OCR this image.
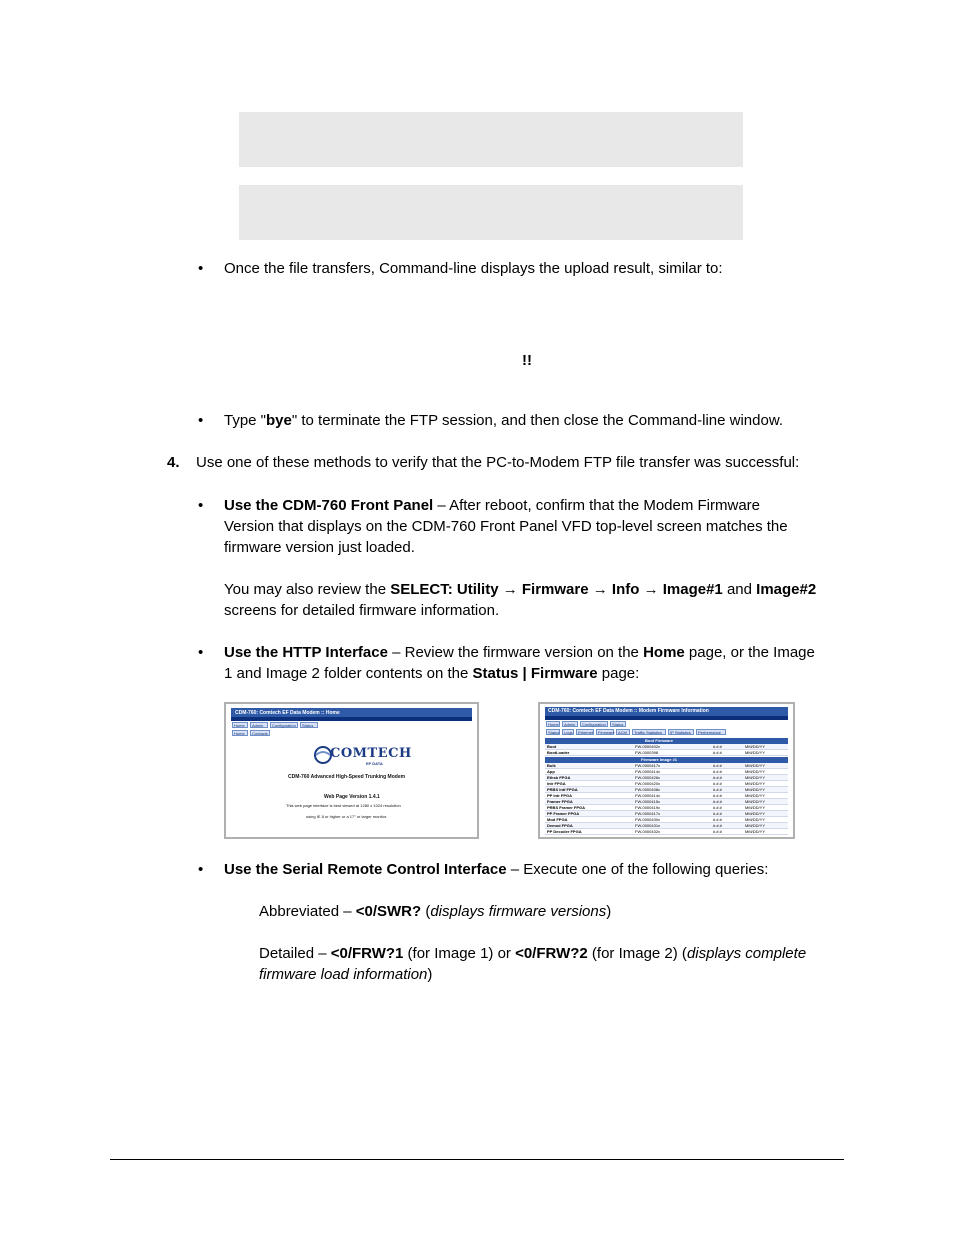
• Once the file transfers, Command-line displays the upload result, similar to:
!!
• Type "bye" to terminate the FTP session, and then close the Command-line window.
4. Use one of these methods to verify that the PC-to-Modem FTP file transfer was successful:
• Use the CDM-760 Front Panel – After reboot, confirm that the Modem Firmware
Version that displays on the CDM-760 Front Panel VFD top-level screen matches the
firmware version just loaded.
You may also review the SELECT: Utility → Firmware → Info → Image#1 and Image#2
screens for detailed firmware information.
• Use the HTTP Interface – Review the firmware version on the Home page, or the Image
1 and Image 2 folder contents on the Status | Firmware page:
CDM-760: Comtech EF Data Modem :: Home
Home	Admin	Configuration	Status
Home	Contacts
COMTECH
EF DATA
CDM-760 Advanced High-Speed Trunking Modem
Web Page Version 1.4.1
This web page interface is best viewed at 1280 x 1024 resolution
using IE 8 or higher or a 17" or larger monitor.
CDM-760: Comtech EF Data Modem :: Modem Firmware Information
Home	Admin	Configuration	Status
Status	Logs	Ethernet	Firmware ACM	Traffic Statistics	IP Statistics	Performance
Boot Firmware
Boot	FW-0000402x	#.#.#	MM/DD/YY
BootLoader	FW-0000398	#.#.#	MM/DD/YY
Firmware Image #1
Bulk	FW-0000417x	#.#.#	MM/DD/YY
App	FW-0000414x	#.#.#	MM/DD/YY
Ethsb FPGA	FW-0000426x	#.#.#	MM/DD/YY
Intr FPGA	FW-0000420x	#.#.#	MM/DD/YY
PRBS Intf FPGA	FW-0000408x	#.#.#	MM/DD/YY
PP Intr FPGA	FW-0000414x	#.#.#	MM/DD/YY
Framer FPGA	FW-0000415x	#.#.#	MM/DD/YY
PRBS Framer FPGA	FW-0000419x	#.#.#	MM/DD/YY
PP Framer FPGA	FW-0000417x	#.#.#	MM/DD/YY
Mod FPGA	FW-0000430x	#.#.#	MM/DD/YY
Demod FPGA	FW-0000431x	#.#.#	MM/DD/YY
PP Decoder FPGA	FW-0000432x	#.#.#	MM/DD/YY
• Use the Serial Remote Control Interface – Execute one of the following queries:
Abbreviated – <0/SWR? (displays firmware versions)
Detailed – <0/FRW?1 (for Image 1) or <0/FRW?2 (for Image 2) (displays complete
firmware load information)
